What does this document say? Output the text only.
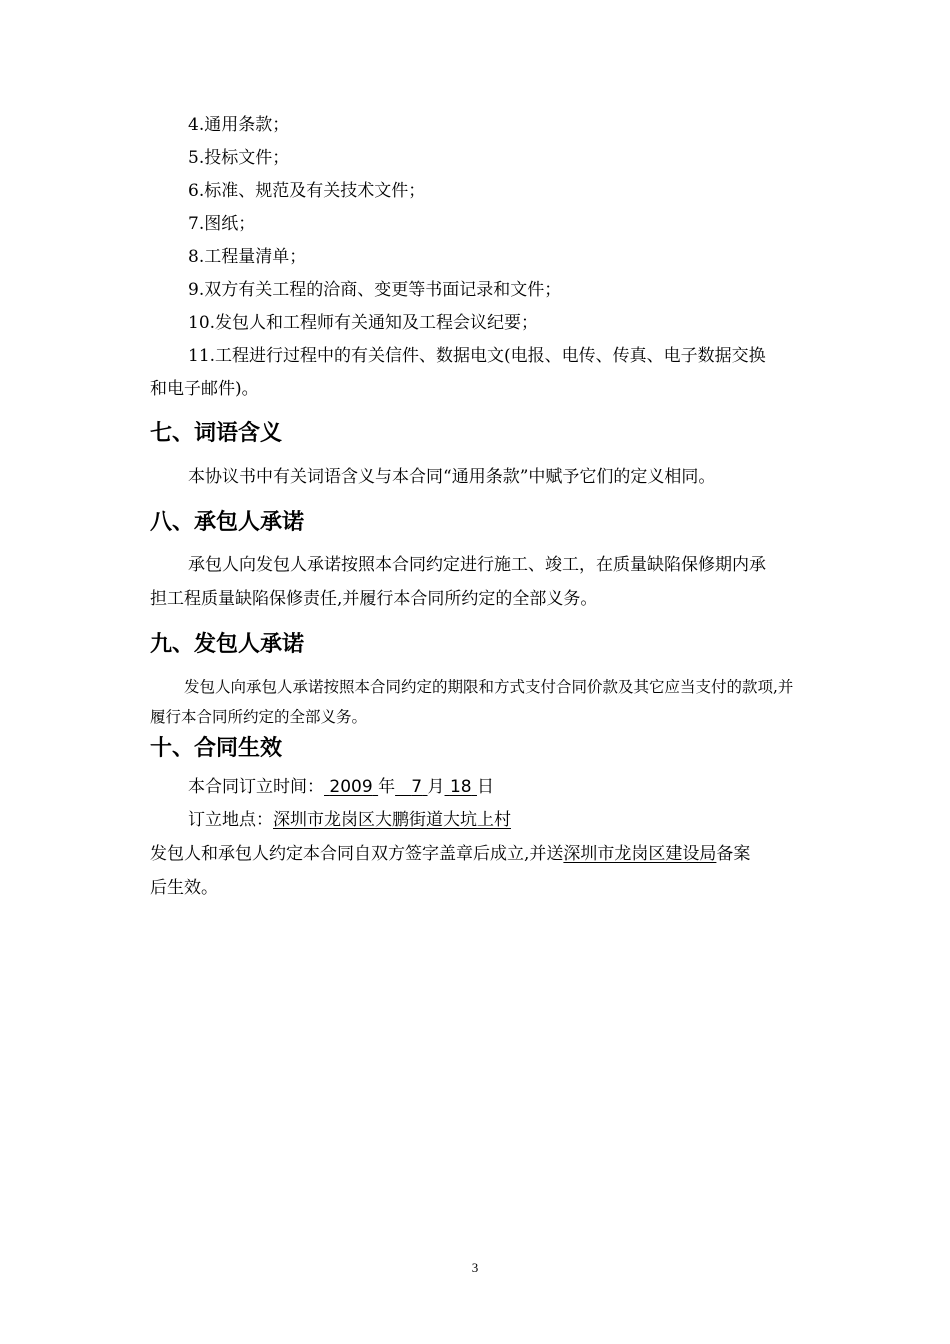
4.通用条款；
5.投标文件；
6.标准、规范及有关技术文件；
7.图纸；
8.工程量清单；
9.双方有关工程的洽商、变更等书面记录和文件；
10.发包人和工程师有关通知及工程会议纪要；
11.工程进行过程中的有关信件、数据电文(电报、电传、传真、电子数据交换
和电子邮件)。
七、词语含义
本协议书中有关词语含义与本合同“通用条款”中赋予它们的定义相同。
八、承包人承诺
承包人向发包人承诺按照本合同约定进行施工、竣工，在质量缺陷保修期内承
担工程质量缺陷保修责任,并履行本合同所约定的全部义务。
九、发包人承诺
发包人向承包人承诺按照本合同约定的期限和方式支付合同价款及其它应当支付的款项,并
履行本合同所约定的全部义务。
十、合同生效
本合同订立时间： 2009 年 7 月 18 日
订立地点：深圳市龙岗区大鹏街道大坑上村
发包人和承包人约定本合同自双方签字盖章后成立,并送深圳市龙岗区建设局备案
后生效。
3
